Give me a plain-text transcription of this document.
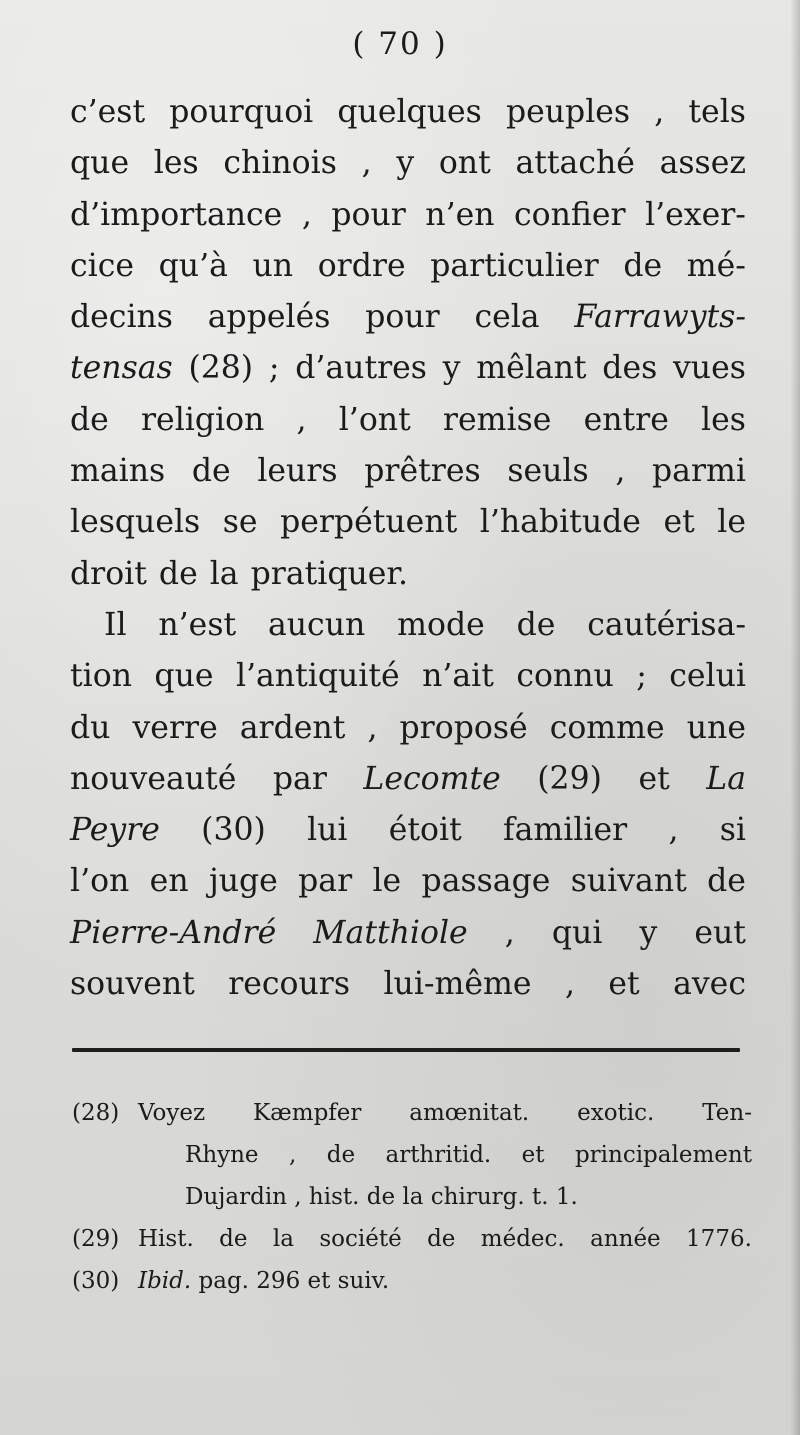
( 70 )
c’est pourquoi quelques peuples , tels
que les chinois , y ont attaché assez
d’importance , pour n’en confier l’exer-
cice qu’à un ordre particulier de mé-
decins appelés pour cela Farrawyts-
tensas (28) ; d’autres y mêlant des vues
de religion , l’ont remise entre les
mains de leurs prêtres seuls , parmi
lesquels se perpétuent l’habitude et le
droit de la pratiquer.
Il n’est aucun mode de cautérisa-
tion que l’antiquité n’ait connu ; celui
du verre ardent , proposé comme une
nouveauté par Lecomte (29) et La
Peyre (30) lui étoit familier , si
l’on en juge par le passage suivant de
Pierre-André Matthiole , qui y eut
souvent recours lui-même , et avec
(28) Voyez Kæmpfer amœnitat. exotic. Ten-
Rhyne , de arthritid. et principalement
Dujardin , hist. de la chirurg. t. 1.
(29) Hist. de la société de médec. année 1776.
(30) Ibid. pag. 296 et suiv.
